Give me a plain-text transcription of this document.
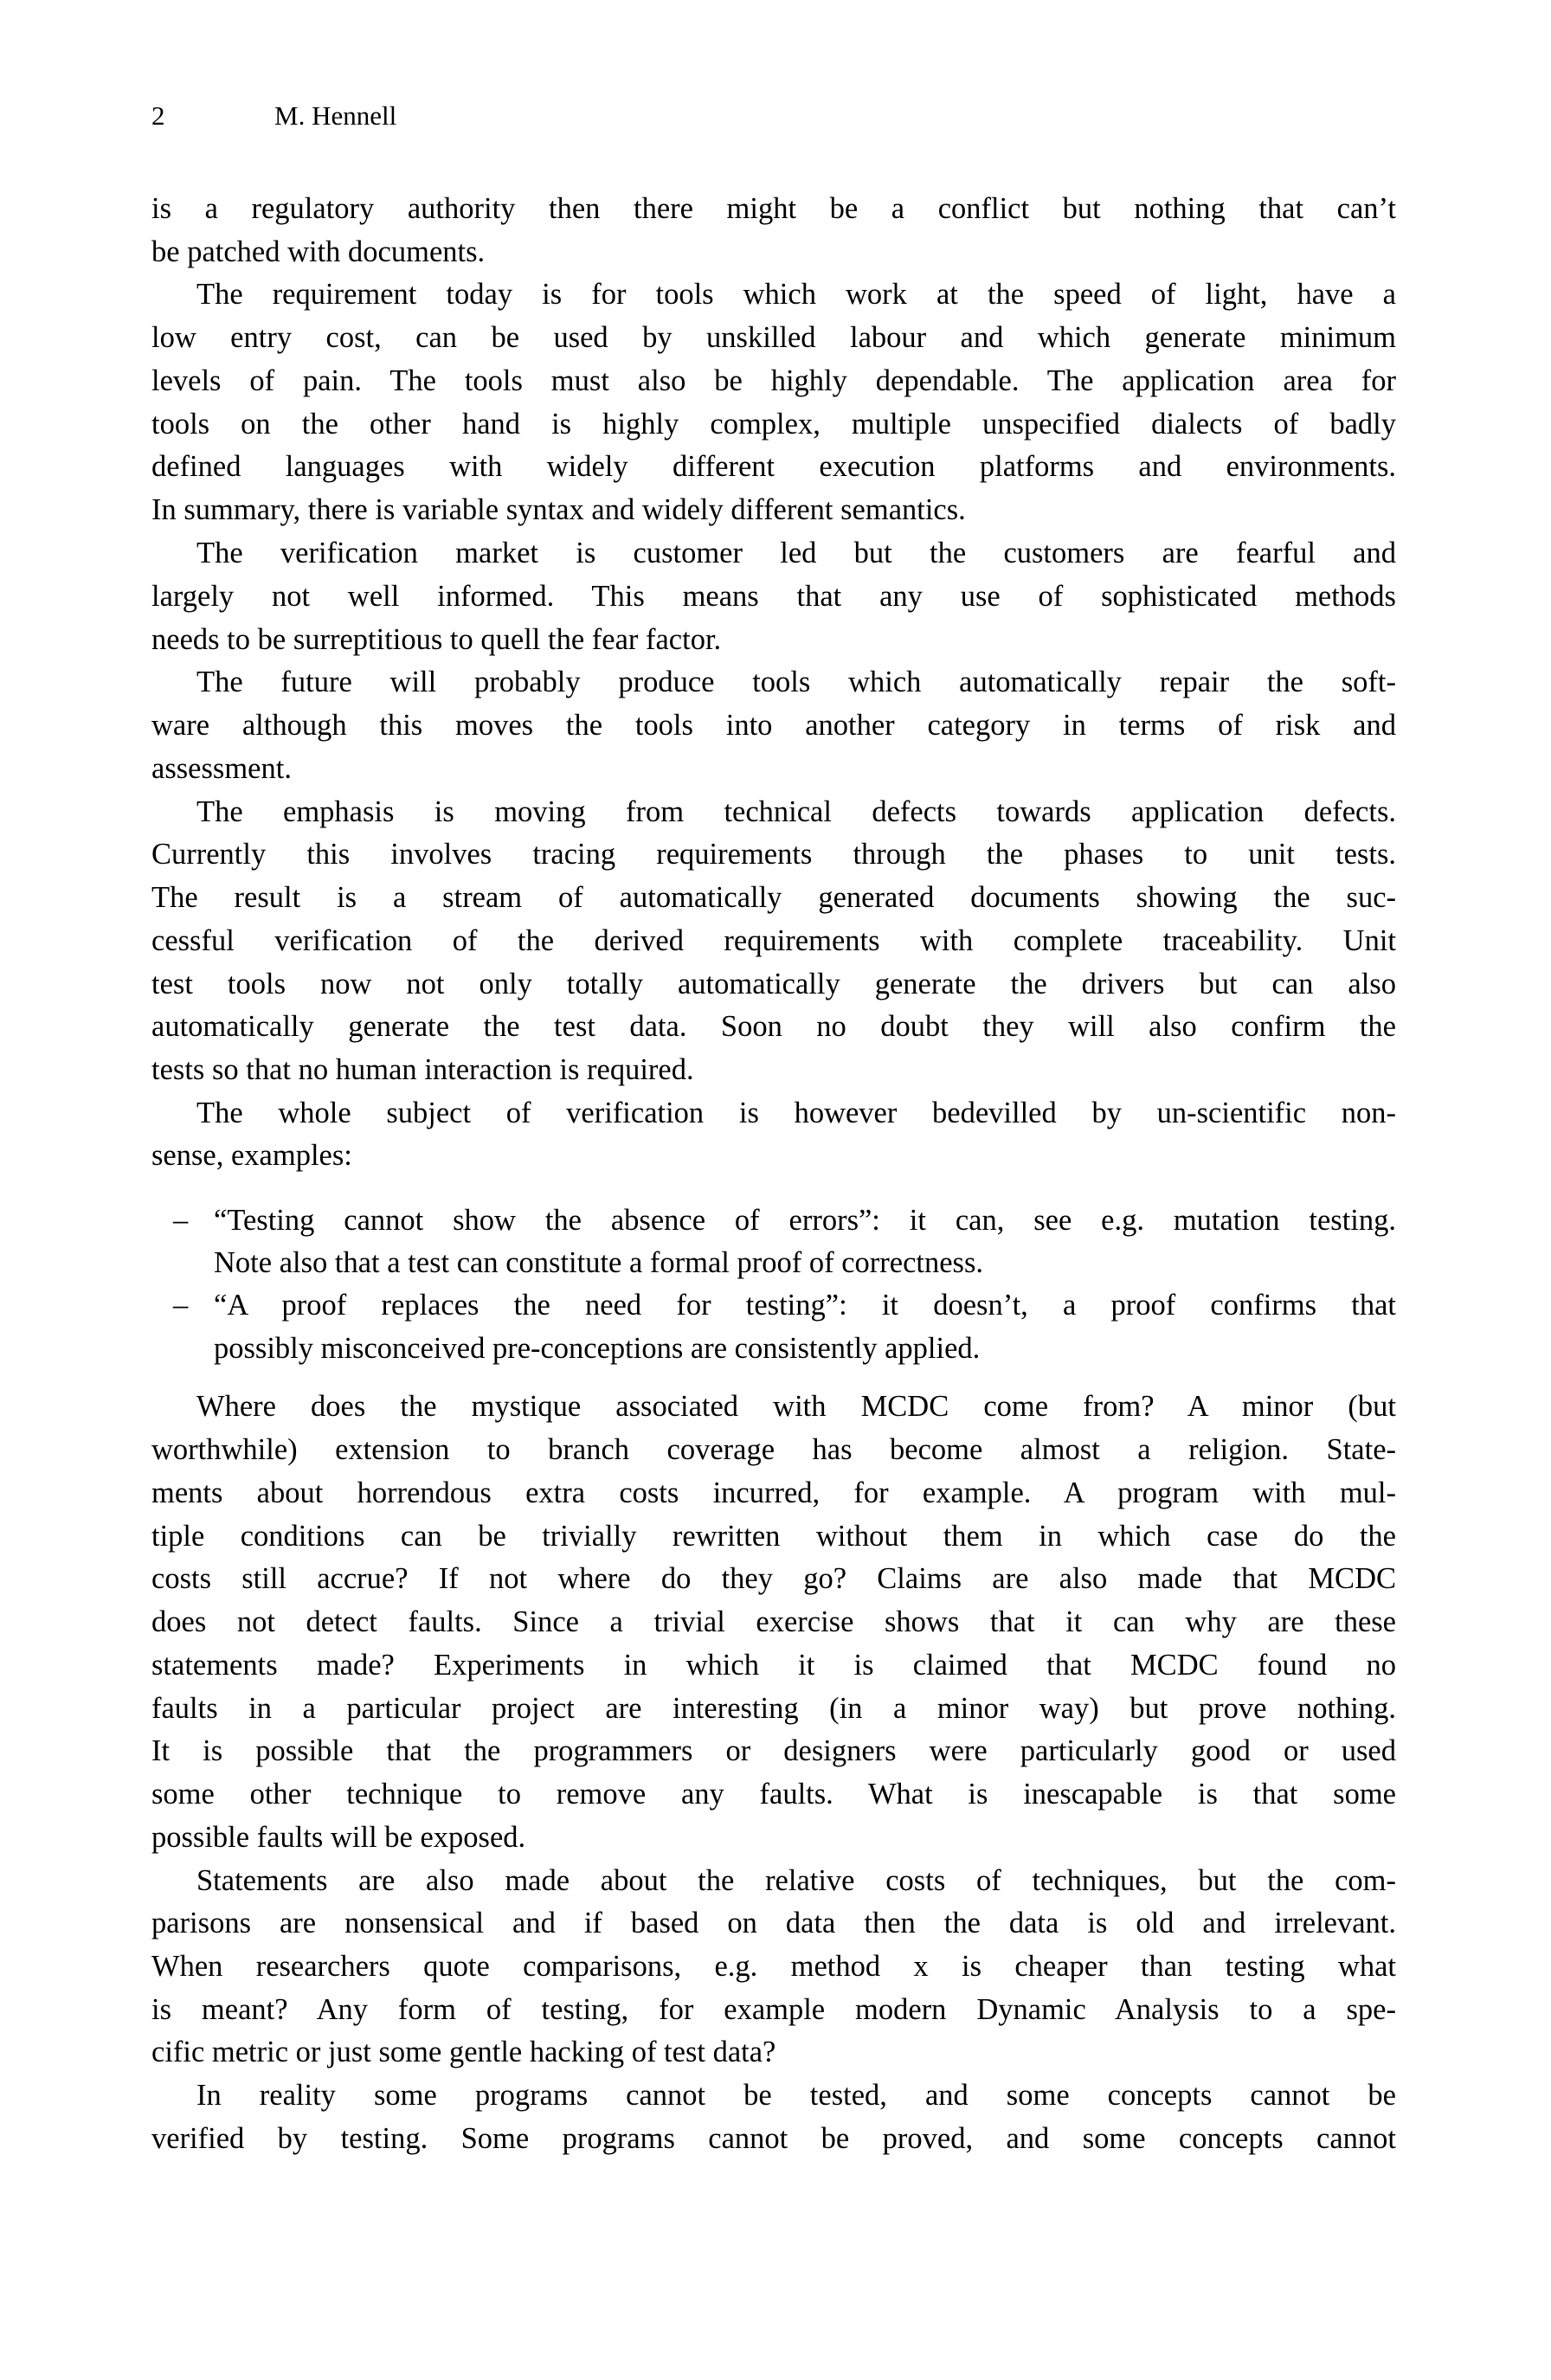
2	M. Hennell
is a regulatory authority then there might be a conflict but nothing that can’t
be patched with documents.
The requirement today is for tools which work at the speed of light, have a
low entry cost, can be used by unskilled labour and which generate minimum
levels of pain. The tools must also be highly dependable. The application area for
tools on the other hand is highly complex, multiple unspecified dialects of badly
defined languages with widely different execution platforms and environments.
In summary, there is variable syntax and widely different semantics.
The verification market is customer led but the customers are fearful and
largely not well informed. This means that any use of sophisticated methods
needs to be surreptitious to quell the fear factor.
The future will probably produce tools which automatically repair the soft-
ware although this moves the tools into another category in terms of risk and
assessment.
The emphasis is moving from technical defects towards application defects.
Currently this involves tracing requirements through the phases to unit tests.
The result is a stream of automatically generated documents showing the suc-
cessful verification of the derived requirements with complete traceability. Unit
test tools now not only totally automatically generate the drivers but can also
automatically generate the test data. Soon no doubt they will also confirm the
tests so that no human interaction is required.
The whole subject of verification is however bedevilled by un-scientific non-
sense, examples:
– “Testing cannot show the absence of errors”: it can, see e.g. mutation testing.
Note also that a test can constitute a formal proof of correctness.
– “A proof replaces the need for testing”: it doesn’t, a proof confirms that
possibly misconceived pre-conceptions are consistently applied.
Where does the mystique associated with MCDC come from? A minor (but
worthwhile) extension to branch coverage has become almost a religion. State-
ments about horrendous extra costs incurred, for example. A program with mul-
tiple conditions can be trivially rewritten without them in which case do the
costs still accrue? If not where do they go? Claims are also made that MCDC
does not detect faults. Since a trivial exercise shows that it can why are these
statements made? Experiments in which it is claimed that MCDC found no
faults in a particular project are interesting (in a minor way) but prove nothing.
It is possible that the programmers or designers were particularly good or used
some other technique to remove any faults. What is inescapable is that some
possible faults will be exposed.
Statements are also made about the relative costs of techniques, but the com-
parisons are nonsensical and if based on data then the data is old and irrelevant.
When researchers quote comparisons, e.g. method x is cheaper than testing what
is meant? Any form of testing, for example modern Dynamic Analysis to a spe-
cific metric or just some gentle hacking of test data?
In reality some programs cannot be tested, and some concepts cannot be
verified by testing. Some programs cannot be proved, and some concepts cannot
